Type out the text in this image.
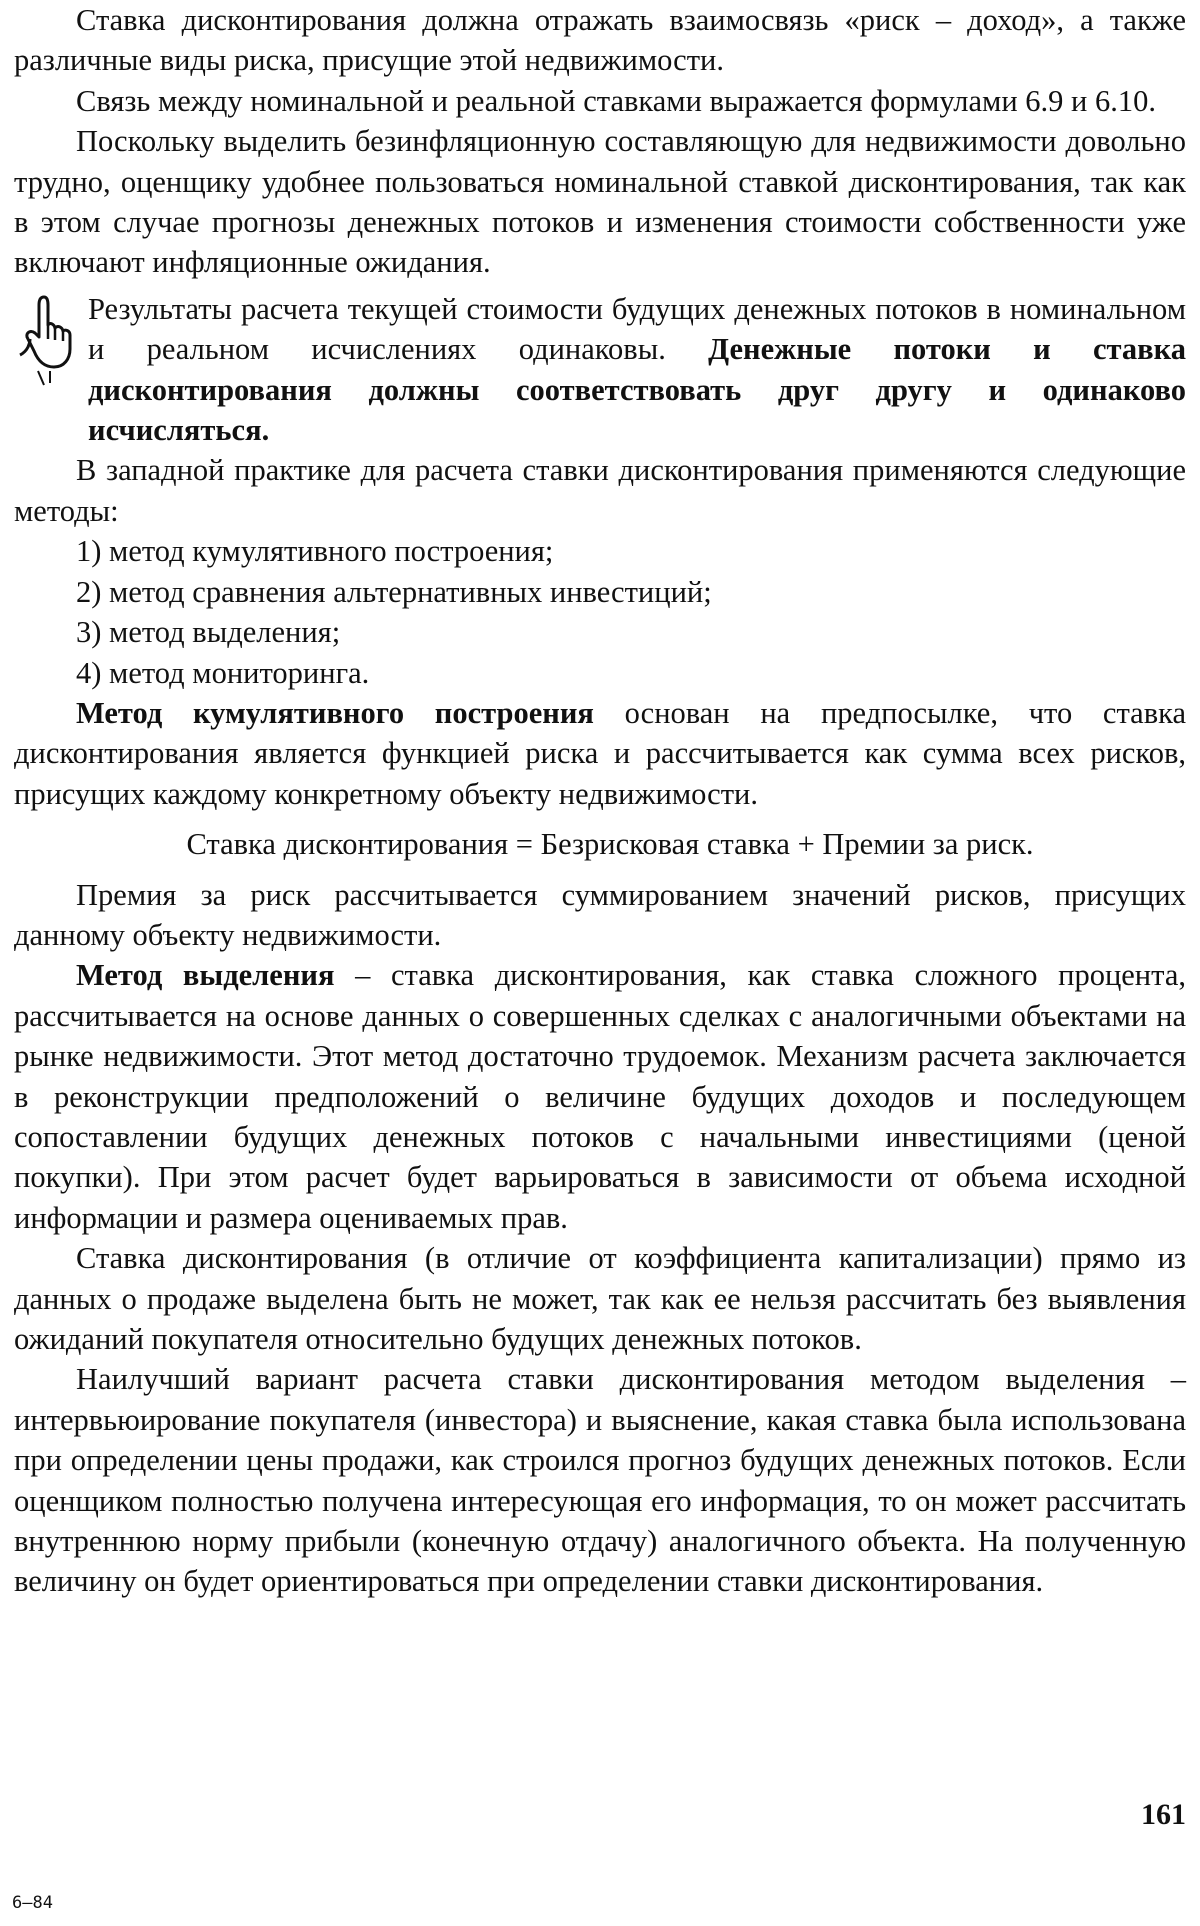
Ставка дисконтирования должна отражать взаимосвязь «риск – доход», а также различные виды риска, присущие этой недвижимости.

Связь между номинальной и реальной ставками выражается формулами 6.9 и 6.10.

Поскольку выделить безинфляционную составляющую для недвижимости довольно трудно, оценщику удобнее пользоваться номинальной ставкой дисконтирования, так как в этом случае прогнозы денежных потоков и изменения стоимости собственности уже включают инфляционные ожидания.

Результаты расчета текущей стоимости будущих денежных потоков в номинальном и реальном исчислениях одинаковы. Денежные потоки и ставка дисконтирования должны соответствовать друг другу и одинаково исчисляться.

В западной практике для расчета ставки дисконтирования применяются следующие методы:

1) метод кумулятивного построения;

2) метод сравнения альтернативных инвестиций;

3) метод выделения;

4) метод мониторинга.

Метод кумулятивного построения основан на предпосылке, что ставка дисконтирования является функцией риска и рассчитывается как сумма всех рисков, присущих каждому конкретному объекту недвижимости.

Ставка дисконтирования = Безрисковая ставка + Премии за риск.

Премия за риск рассчитывается суммированием значений рисков, присущих данному объекту недвижимости.

Метод выделения – ставка дисконтирования, как ставка сложного процента, рассчитывается на основе данных о совершенных сделках с аналогичными объектами на рынке недвижимости. Этот метод достаточно трудоемок. Механизм расчета заключается в реконструкции предположений о величине будущих доходов и последующем сопоставлении будущих денежных потоков с начальными инвестициями (ценой покупки). При этом расчет будет варьироваться в зависимости от объема исходной информации и размера оцениваемых прав.

Ставка дисконтирования (в отличие от коэффициента капитализации) прямо из данных о продаже выделена быть не может, так как ее нельзя рассчитать без выявления ожиданий покупателя относительно будущих денежных потоков.

Наилучший вариант расчета ставки дисконтирования методом выделения – интервьюирование покупателя (инвестора) и выяснение, какая ставка была использована при определении цены продажи, как строился прогноз будущих денежных потоков. Если оценщиком полностью получена интересующая его информация, то он может рассчитать внутреннюю норму прибыли (конечную отдачу) аналогичного объекта. На полученную величину он будет ориентироваться при определении ставки дисконтирования.

161
6—84
